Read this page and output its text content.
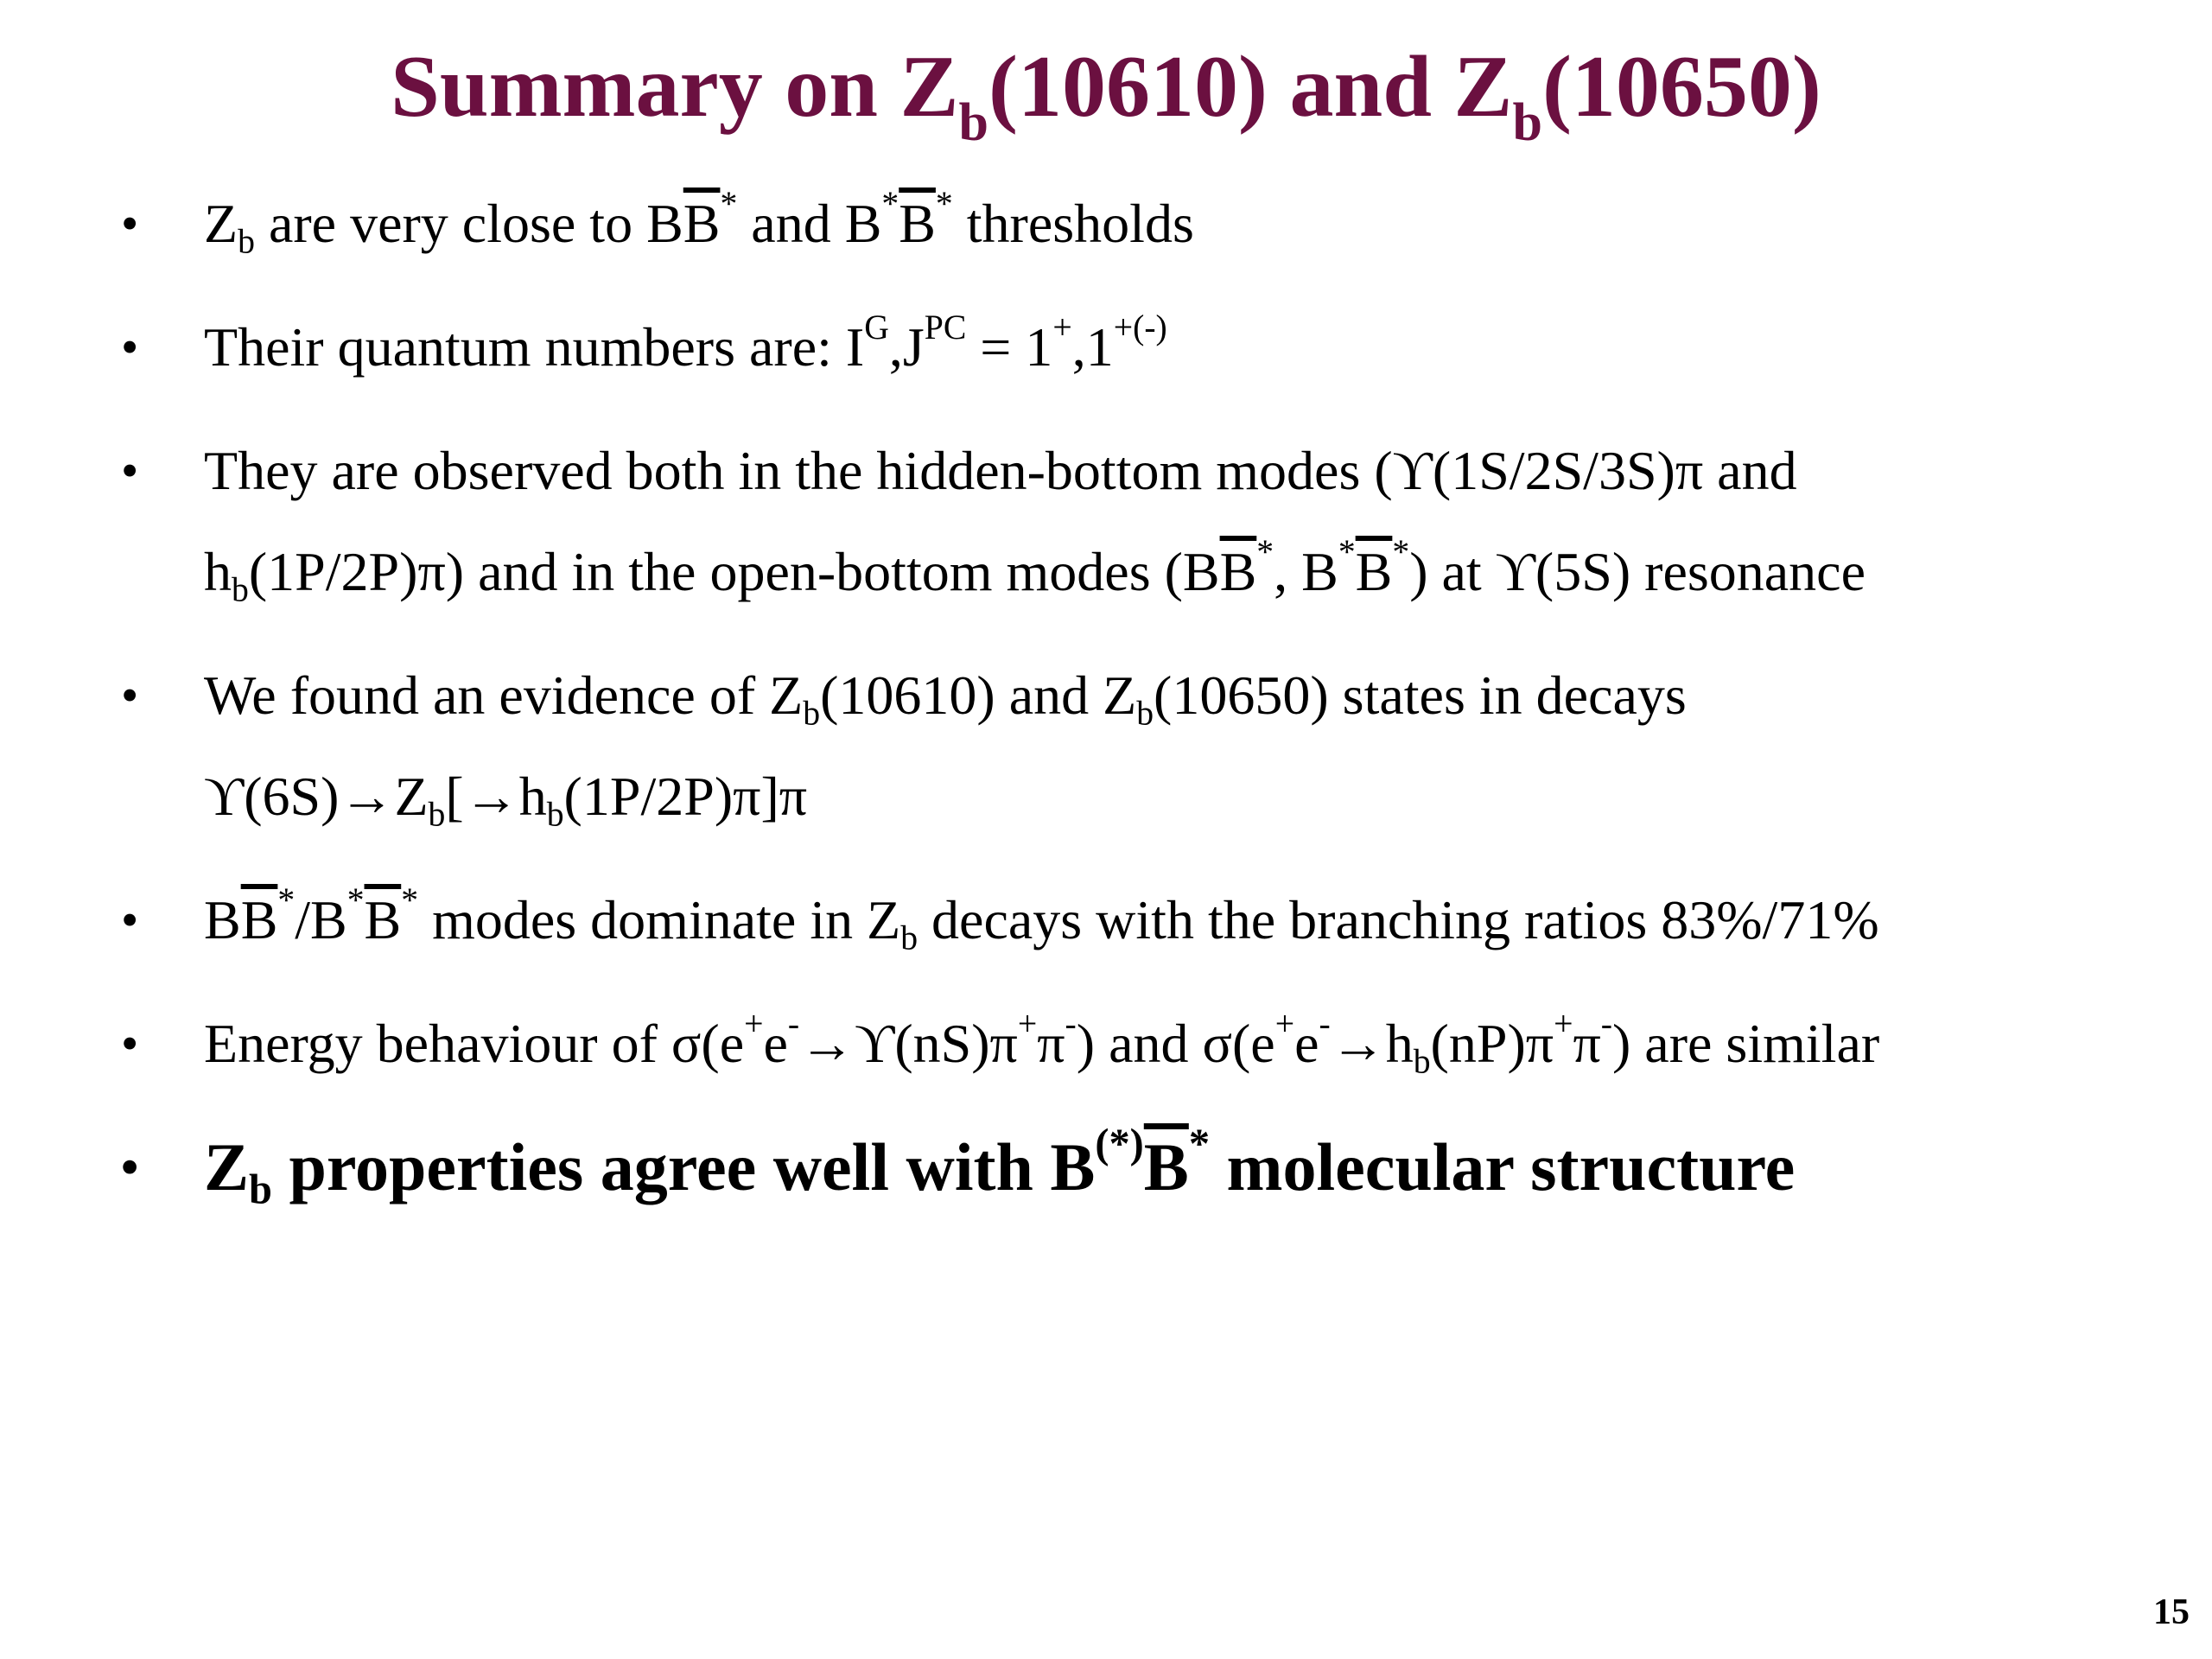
Summary on $Z_b(10610)$ and $Z_b(10650)$
• $Z_b$ are very close to $B\overline{B}^*$ and $B^*\overline{B}^*$ thresholds
• Their quantum numbers are: $I^G,J^{PC} = 1^+,1^{+(-)}$
• They are observed both in the hidden-bottom modes (ϒ(1S/2S/3S)π and
$h_b(1P/2P)\pi$) and in the open-bottom modes ($B\overline{B}^*$, $B^*\overline{B}^*$) at ϒ(5S) resonance
• We found an evidence of $Z_b(10610)$ and $Z_b(10650)$ states in decays
$ϒ(6S)\to Z_b[\to h_b(1P/2P)\pi]\pi$
• $B\overline{B}^*/B^*\overline{B}^*$ modes dominate in $Z_b$ decays with the branching ratios 83%/71%
• Energy behaviour of σ(e+e-→ϒ(nS)π+π-) and $\sigma(e^+e^-\to h_b(nP)\pi^+\pi^-)$ are similar
• $Z_b$ properties agree well with $B^{(*)}\overline{B}^*$ molecular structure
15
